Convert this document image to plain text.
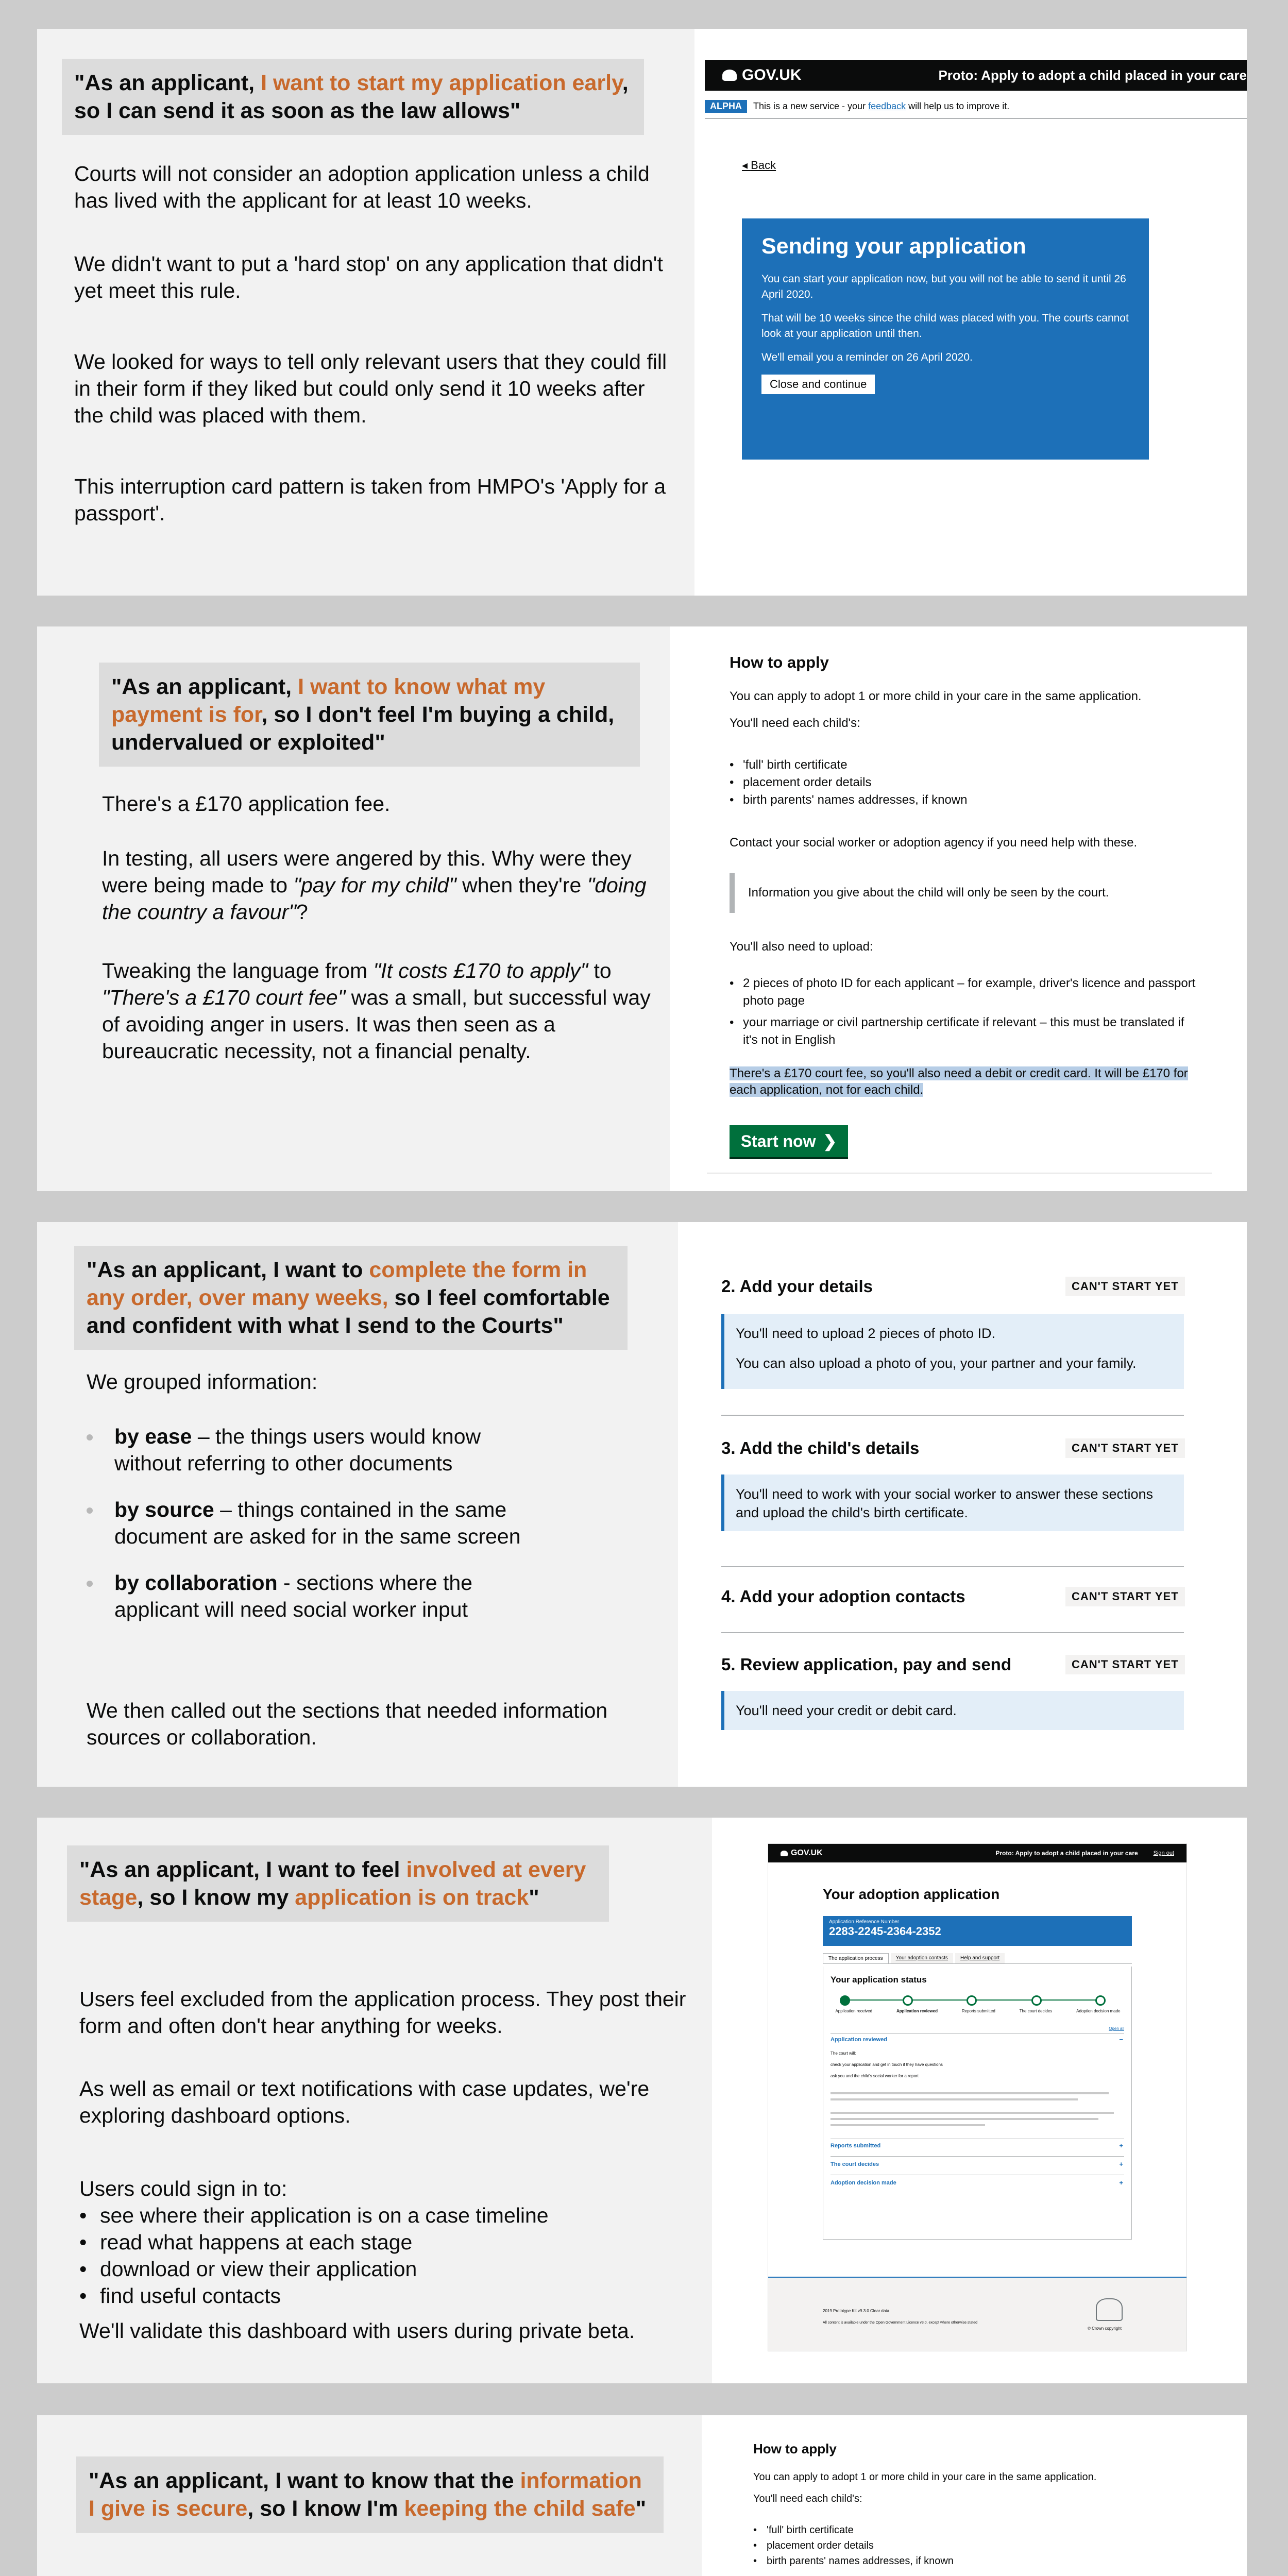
"As an applicant, I want to start my application early, so I can send it as soon as the law allows"

Courts will not consider an adoption application unless a child has lived with the applicant for at least 10 weeks.

We didn't want to put a 'hard stop' on any application that didn't yet meet this rule.

We looked for ways to tell only relevant users that they could fill in their form if they liked but could only send it 10 weeks after the child was placed with them.

This interruption card pattern is taken from HMPO's 'Apply for a passport'.

GOV.UK	Proto: Apply to adopt a child placed in your care
ALPHA This is a new service - your feedback will help us to improve it.
◂ Back
Sending your application

You can start your application now, but you will not be able to send it until 26 April 2020.

That will be 10 weeks since the child was placed with you. The courts cannot look at your application until then.

We'll email you a reminder on 26 April 2020.

Close and continue
"As an applicant, I want to know what my payment is for, so I don't feel I'm buying a child, undervalued or exploited"

There's a £170 application fee.

In testing, all users were angered by this. Why were they were being made to "pay for my child" when they're "doing the country a favour"?

Tweaking the language from "It costs £170 to apply" to "There's a £170 court fee" was a small, but successful way of avoiding anger in users. It was then seen as a bureaucratic necessity, not a financial penalty.

How to apply

You can apply to adopt 1 or more child in your care in the same application.

You'll need each child's:

• 'full' birth certificate
• placement order details
• birth parents' names addresses, if known

Contact your social worker or adoption agency if you need help with these.

Information you give about the child will only be seen by the court.

You'll also need to upload:

• 2 pieces of photo ID for each applicant – for example, driver's licence and passport photo page
• your marriage or civil partnership certificate if relevant – this must be translated if it's not in English

There's a £170 court fee, so you'll also need a debit or credit card. It will be £170 for each application, not for each child.

Start now ❯
"As an applicant, I want to complete the form in any order, over many weeks, so I feel comfortable and confident with what I send to the Courts"

We grouped information:

by ease – the things users would know without referring to other documents
by source – things contained in the same document are asked for in the same screen
by collaboration - sections where the applicant will need social worker input

We then called out the sections that needed information sources or collaboration.

2. Add your details	CAN'T START YET

You'll need to upload 2 pieces of photo ID.

You can also upload a photo of you, your partner and your family.

3. Add the child's details	CAN'T START YET

You'll need to work with your social worker to answer these sections and upload the child's birth certificate.

4. Add your adoption contacts	CAN'T START YET
5. Review application, pay and send	CAN'T START YET

You'll need your credit or debit card.

"As an applicant, I want to feel involved at every stage, so I know my application is on track"

Users feel excluded from the application process. They post their form and often don't hear anything for weeks.

As well as email or text notifications with case updates, we're exploring dashboard options.

Users could sign in to:

• see where their application is on a case timeline
• read what happens at each stage
• download or view their application
• find useful contacts

We'll validate this dashboard with users during private beta.

GOV.UK	Proto: Apply to adopt a child placed in your care	Sign out
Your adoption application
Application Reference Number
2283-2245-2364-2352
The application process	Your adoption contacts	Help and support
Your application status
Application received	Application reviewed	Reports submitted	The court decides	Adoption decision made
Open all
Application reviewed	−
The court will:
check your application and get in touch if they have questions
ask you and the child's social worker for a report
Reports submitted	+
The court decides	+
Adoption decision made	+
2019 Prototype Kit v9.3.0 Clear data
All content is available under the Open Government Licence v3.0, except where otherwise stated
© Crown copyright
"As an applicant, I want to know that the information I give is secure, so I know I'm keeping the child safe"

How to apply

You can apply to adopt 1 or more child in your care in the same application.

You'll need each child's:

• 'full' birth certificate
• placement order details
• birth parents' names addresses, if known
